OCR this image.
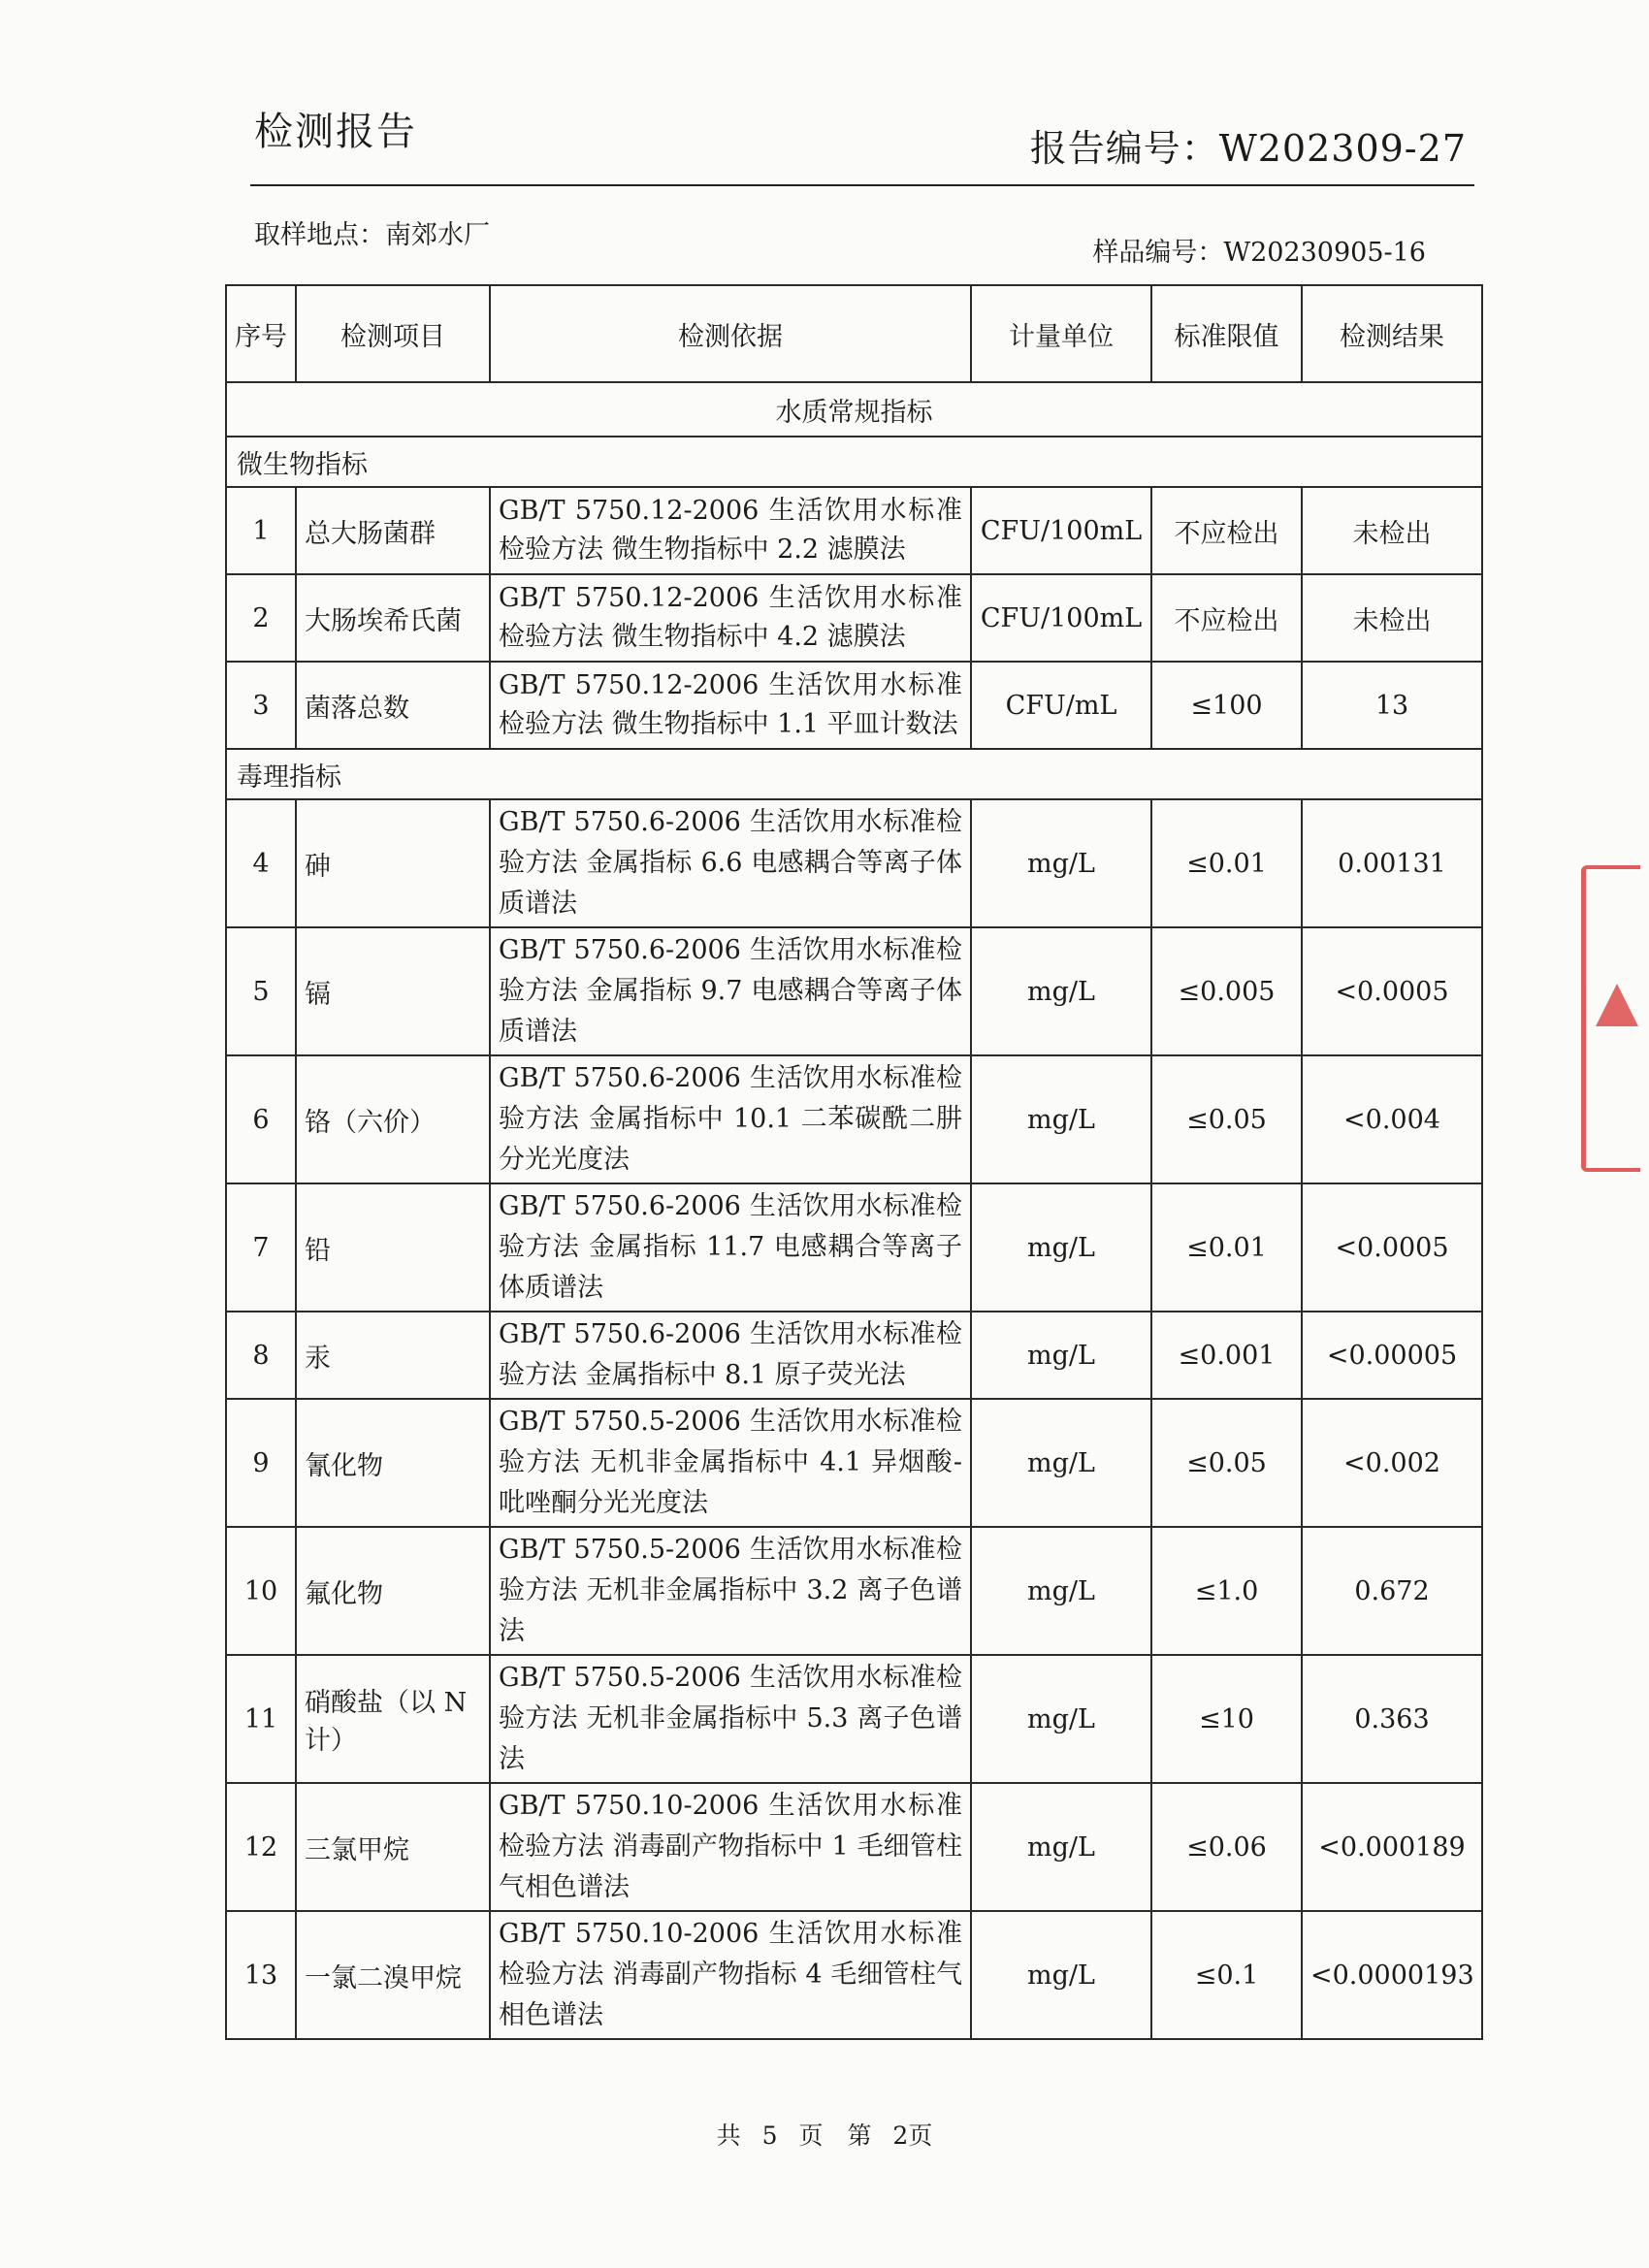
检测报告	报告编号：W202309-27
取样地点：南郊水厂
样品编号：W20230905-16
序号	检测项目	检测依据	计量单位	标准限值	检测结果
水质常规指标					
微生物指标					
1	总大肠菌群	GB/T 5750.12-2006 生活饮用水标准检验方法 微生物指标中 2.2 滤膜法	CFU/100mL	不应检出	未检出
2	大肠埃希氏菌	GB/T 5750.12-2006 生活饮用水标准检验方法 微生物指标中 4.2 滤膜法	CFU/100mL	不应检出	未检出
3	菌落总数	GB/T 5750.12-2006 生活饮用水标准检验方法 微生物指标中 1.1 平皿计数法	CFU/mL	≤100	13
毒理指标					
4	砷	GB/T 5750.6-2006 生活饮用水标准检验方法 金属指标 6.6 电感耦合等离子体质谱法	mg/L	≤0.01	0.00131
5	镉	GB/T 5750.6-2006 生活饮用水标准检验方法 金属指标 9.7 电感耦合等离子体质谱法	mg/L	≤0.005	<0.0005
6	铬（六价）	GB/T 5750.6-2006 生活饮用水标准检验方法 金属指标中 10.1 二苯碳酰二肼分光光度法	mg/L	≤0.05	<0.004
7	铅	GB/T 5750.6-2006 生活饮用水标准检验方法 金属指标 11.7 电感耦合等离子体质谱法	mg/L	≤0.01	<0.0005
8	汞	GB/T 5750.6-2006 生活饮用水标准检验方法 金属指标中 8.1 原子荧光法	mg/L	≤0.001	<0.00005
9	氰化物	GB/T 5750.5-2006 生活饮用水标准检验方法 无机非金属指标中 4.1 异烟酸-吡唑酮分光光度法	mg/L	≤0.05	<0.002
10	氟化物	GB/T 5750.5-2006 生活饮用水标准检验方法 无机非金属指标中 3.2 离子色谱法	mg/L	≤1.0	0.672
11	硝酸盐（以 N 计）	GB/T 5750.5-2006 生活饮用水标准检验方法 无机非金属指标中 5.3 离子色谱法	mg/L	≤10	0.363
12	三氯甲烷	GB/T 5750.10-2006 生活饮用水标准检验方法 消毒副产物指标中 1 毛细管柱气相色谱法	mg/L	≤0.06	<0.000189
13	一氯二溴甲烷	GB/T 5750.10-2006 生活饮用水标准检验方法 消毒副产物指标 4 毛细管柱气相色谱法	mg/L	≤0.1	<0.0000193
共 5 页　第 2页
